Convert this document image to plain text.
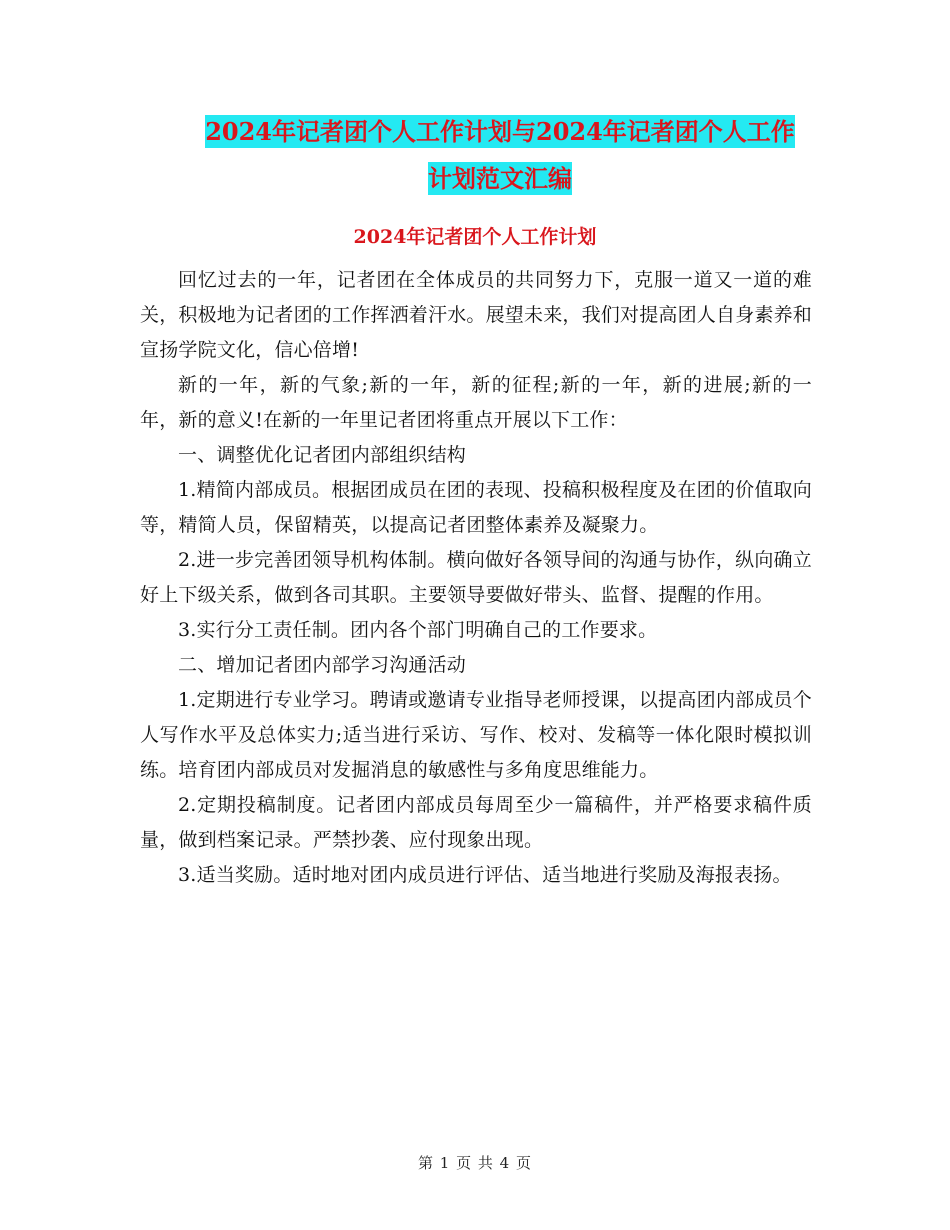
2024年记者团个人工作计划与2024年记者团个人工作
计划范文汇编
2024年记者团个人工作计划

回忆过去的一年，记者团在全体成员的共同努力下，克服一道又一道的难关，积极地为记者团的工作挥洒着汗水。展望未来，我们对提高团人自身素养和宣扬学院文化，信心倍增!

新的一年，新的气象;新的一年，新的征程;新的一年，新的进展;新的一年，新的意义!在新的一年里记者团将重点开展以下工作：

一、调整优化记者团内部组织结构

1.精简内部成员。根据团成员在团的表现、投稿积极程度及在团的价值取向等，精简人员，保留精英，以提高记者团整体素养及凝聚力。

2.进一步完善团领导机构体制。横向做好各领导间的沟通与协作，纵向确立好上下级关系，做到各司其职。主要领导要做好带头、监督、提醒的作用。

3.实行分工责任制。团内各个部门明确自己的工作要求。

二、增加记者团内部学习沟通活动

1.定期进行专业学习。聘请或邀请专业指导老师授课，以提高团内部成员个人写作水平及总体实力;适当进行采访、写作、校对、发稿等一体化限时模拟训练。培育团内部成员对发掘消息的敏感性与多角度思维能力。

2.定期投稿制度。记者团内部成员每周至少一篇稿件，并严格要求稿件质量，做到档案记录。严禁抄袭、应付现象出现。

3.适当奖励。适时地对团内成员进行评估、适当地进行奖励及海报表扬。

第 1 页 共 4 页
